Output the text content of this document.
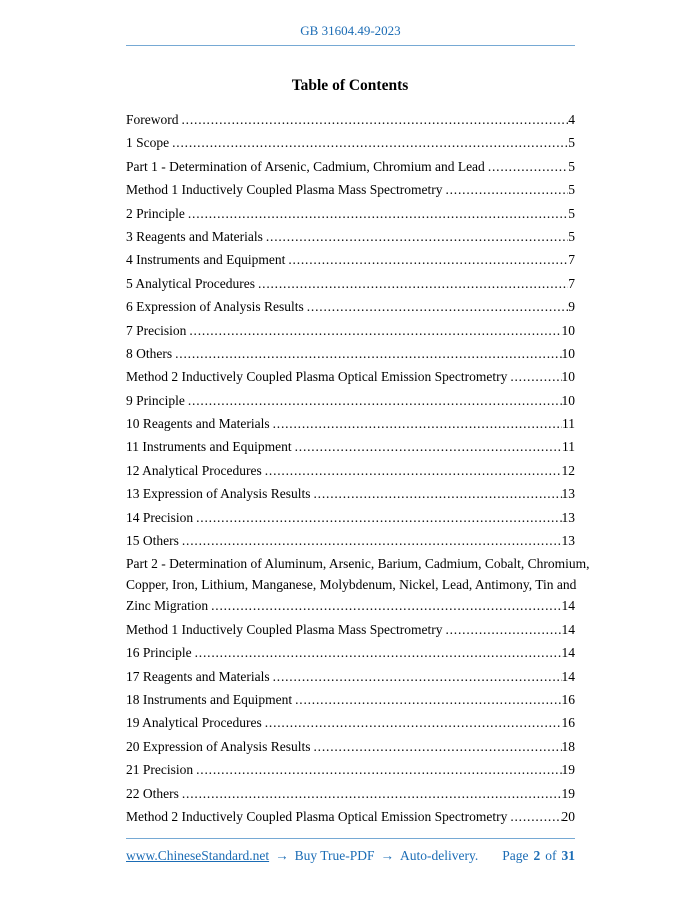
GB 31604.49-2023
Table of Contents
Foreword .....	4
1 Scope .....	5
Part 1 - Determination of Arsenic, Cadmium, Chromium and Lead .....	5
Method 1 Inductively Coupled Plasma Mass Spectrometry .....	5
2 Principle .....	5
3 Reagents and Materials .....	5
4 Instruments and Equipment .....	7
5 Analytical Procedures .....	7
6 Expression of Analysis Results .....	9
7 Precision .....	10
8 Others .....	10
Method 2 Inductively Coupled Plasma Optical Emission Spectrometry .....	10
9 Principle .....	10
10 Reagents and Materials .....	11
11 Instruments and Equipment .....	11
12 Analytical Procedures .....	12
13 Expression of Analysis Results .....	13
14 Precision .....	13
15 Others .....	13
Part 2 - Determination of Aluminum, Arsenic, Barium, Cadmium, Cobalt, Chromium,
Copper, Iron, Lithium, Manganese, Molybdenum, Nickel, Lead, Antimony, Tin and
Zinc Migration .....	14
Method 1 Inductively Coupled Plasma Mass Spectrometry .....	14
16 Principle .....	14
17 Reagents and Materials .....	14
18 Instruments and Equipment .....	16
19 Analytical Procedures .....	16
20 Expression of Analysis Results .....	18
21 Precision .....	19
22 Others .....	19
Method 2 Inductively Coupled Plasma Optical Emission Spectrometry .....	20
www.ChineseStandard.net → Buy True-PDF → Auto-delivery. Page 2 of 31
